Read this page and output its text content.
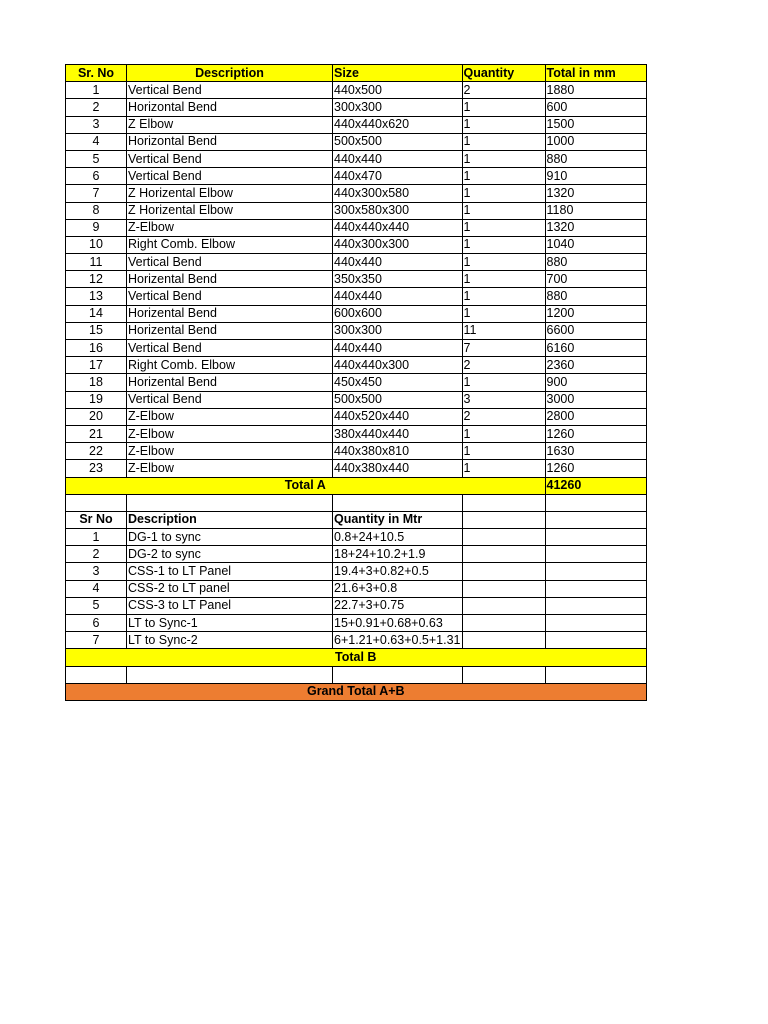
Sr. No	Description	Size	Quantity	Total in mm
1	Vertical Bend	440x500	2	1880
2	Horizontal Bend	300x300	1	600
3	Z Elbow	440x440x620	1	1500
4	Horizontal Bend	500x500	1	1000
5	Vertical Bend	440x440	1	880
6	Vertical Bend	440x470	1	910
7	Z Horizental Elbow	440x300x580	1	1320
8	Z Horizental Elbow	300x580x300	1	1180
9	Z-Elbow	440x440x440	1	1320
10	Right Comb. Elbow	440x300x300	1	1040
11	Vertical Bend	440x440	1	880
12	Horizental Bend	350x350	1	700
13	Vertical Bend	440x440	1	880
14	Horizental Bend	600x600	1	1200
15	Horizental Bend	300x300	11	6600
16	Vertical Bend	440x440	7	6160
17	Right Comb. Elbow	440x440x300	2	2360
18	Horizental Bend	450x450	1	900
19	Vertical Bend	500x500	3	3000
20	Z-Elbow	440x520x440	2	2800
21	Z-Elbow	380x440x440	1	1260
22	Z-Elbow	440x380x810	1	1630
23	Z-Elbow	440x380x440	1	1260
Total A				41260

Sr No	Description	Quantity in Mtr		
1	DG-1 to sync	0.8+24+10.5		
2	DG-2 to sync	18+24+10.2+1.9		
3	CSS-1 to LT Panel	19.4+3+0.82+0.5		
4	CSS-2 to LT panel	21.6+3+0.8		
5	CSS-3 to LT Panel	22.7+3+0.75		
6	LT to Sync-1	15+0.91+0.68+0.63		
7	LT to Sync-2	6+1.21+0.63+0.5+1.31		
Total B				

Grand Total A+B				
